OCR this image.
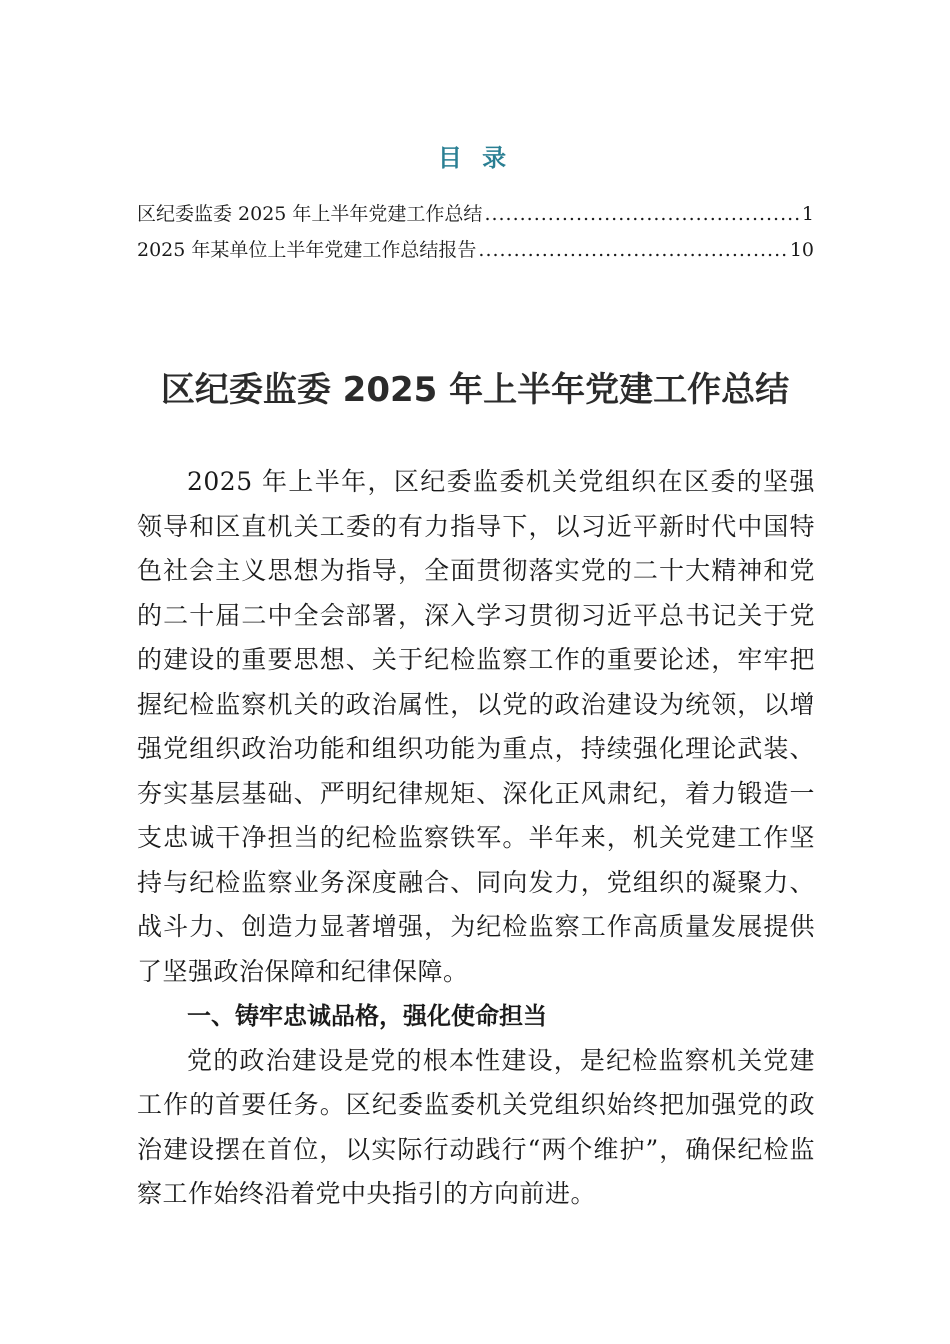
目 录
区纪委监委 2025 年上半年党建工作总结 .....	1
2025 年某单位上半年党建工作总结报告 .....	10
区纪委监委 2025 年上半年党建工作总结

2025 年上半年，区纪委监委机关党组织在区委的坚强领导和区直机关工委的有力指导下，以习近平新时代中国特色社会主义思想为指导，全面贯彻落实党的二十大精神和党的二十届二中全会部署，深入学习贯彻习近平总书记关于党的建设的重要思想、关于纪检监察工作的重要论述，牢牢把握纪检监察机关的政治属性，以党的政治建设为统领，以增强党组织政治功能和组织功能为重点，持续强化理论武装、夯实基层基础、严明纪律规矩、深化正风肃纪，着力锻造一支忠诚干净担当的纪检监察铁军。半年来，机关党建工作坚持与纪检监察业务深度融合、同向发力，党组织的凝聚力、战斗力、创造力显著增强，为纪检监察工作高质量发展提供了坚强政治保障和纪律保障。

一、铸牢忠诚品格，强化使命担当

党的政治建设是党的根本性建设，是纪检监察机关党建工作的首要任务。区纪委监委机关党组织始终把加强党的政治建设摆在首位，以实际行动践行“两个维护”，确保纪检监察工作始终沿着党中央指引的方向前进。
